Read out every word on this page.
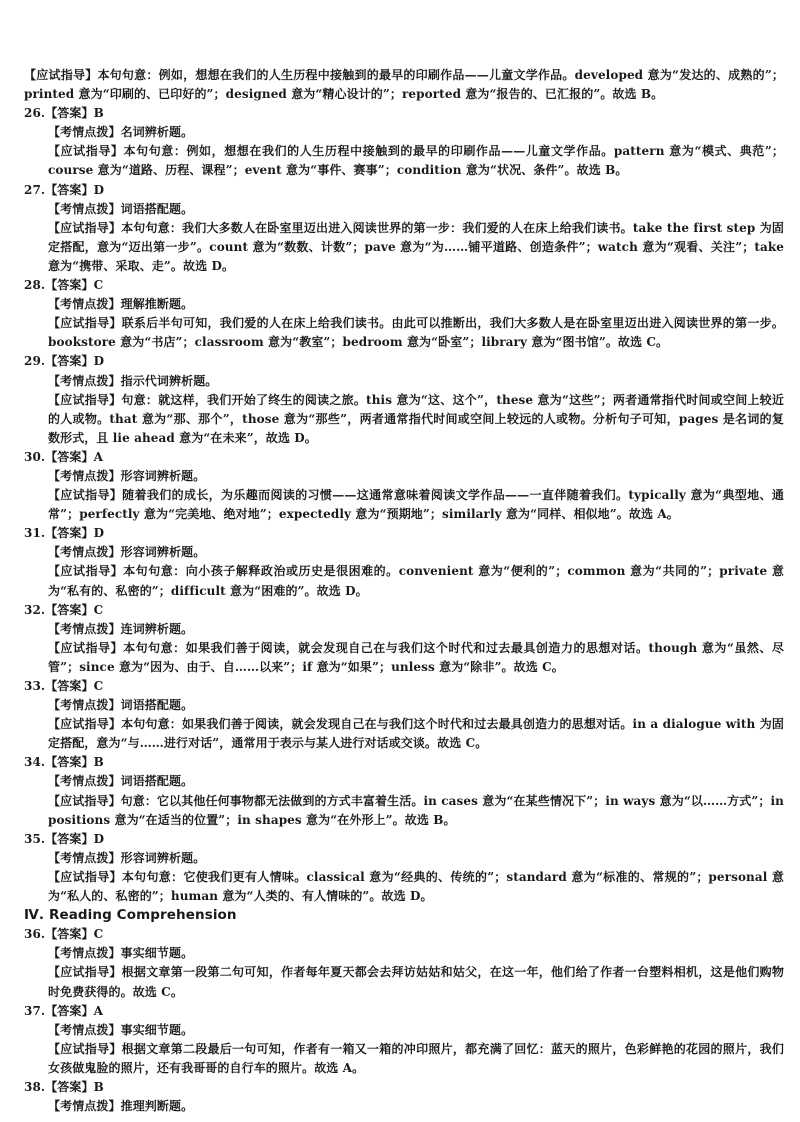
【应试指导】本句句意：例如，想想在我们的人生历程中接触到的最早的印刷作品——儿童文学作品。developed 意为“发达的、成熟的”；printed 意为“印刷的、已印好的”；designed 意为“精心设计的”；reported 意为“报告的、已汇报的”。故选 B。

26. 【答案】B

【考情点拨】名词辨析题。

【应试指导】本句句意：例如，想想在我们的人生历程中接触到的最早的印刷作品——儿童文学作品。pattern 意为“模式、典范”；course 意为“道路、历程、课程”；event 意为“事件、赛事”；condition 意为“状况、条件”。故选 B。

27. 【答案】D

【考情点拨】词语搭配题。

【应试指导】本句句意：我们大多数人在卧室里迈出进入阅读世界的第一步：我们爱的人在床上给我们读书。take the first step 为固定搭配，意为“迈出第一步”。count 意为“数数、计数”；pave 意为“为……铺平道路、创造条件”；watch 意为“观看、关注”；take 意为“携带、采取、走”。故选 D。

28. 【答案】C

【考情点拨】理解推断题。

【应试指导】联系后半句可知，我们爱的人在床上给我们读书。由此可以推断出，我们大多数人是在卧室里迈出进入阅读世界的第一步。bookstore 意为“书店”；classroom 意为“教室”；bedroom 意为“卧室”；library 意为“图书馆”。故选 C。

29. 【答案】D

【考情点拨】指示代词辨析题。

【应试指导】句意：就这样，我们开始了终生的阅读之旅。this 意为“这、这个”，these 意为“这些”；两者通常指代时间或空间上较近的人或物。that 意为“那、那个”，those 意为“那些”，两者通常指代时间或空间上较远的人或物。分析句子可知，pages 是名词的复数形式，且 lie ahead 意为“在未来”，故选 D。

30. 【答案】A

【考情点拨】形容词辨析题。

【应试指导】随着我们的成长，为乐趣而阅读的习惯——这通常意味着阅读文学作品——一直伴随着我们。typically 意为“典型地、通常”；perfectly 意为“完美地、绝对地”；expectedly 意为“预期地”；similarly 意为“同样、相似地”。故选 A。

31. 【答案】D

【考情点拨】形容词辨析题。

【应试指导】本句句意：向小孩子解释政治或历史是很困难的。convenient 意为“便利的”；common 意为“共同的”；private 意为“私有的、私密的”；difficult 意为“困难的”。故选 D。

32. 【答案】C

【考情点拨】连词辨析题。

【应试指导】本句句意：如果我们善于阅读，就会发现自己在与我们这个时代和过去最具创造力的思想对话。though 意为“虽然、尽管”；since 意为“因为、由于、自……以来”；if 意为“如果”；unless 意为“除非”。故选 C。

33. 【答案】C

【考情点拨】词语搭配题。

【应试指导】本句句意：如果我们善于阅读，就会发现自己在与我们这个时代和过去最具创造力的思想对话。in a dialogue with 为固定搭配，意为“与……进行对话”，通常用于表示与某人进行对话或交谈。故选 C。

34. 【答案】B

【考情点拨】词语搭配题。

【应试指导】句意：它以其他任何事物都无法做到的方式丰富着生活。in cases 意为“在某些情况下”；in ways 意为“以……方式”；in positions 意为“在适当的位置”；in shapes 意为“在外形上”。故选 B。

35. 【答案】D

【考情点拨】形容词辨析题。

【应试指导】本句句意：它使我们更有人情味。classical 意为“经典的、传统的”；standard 意为“标准的、常规的”；personal 意为“私人的、私密的”；human 意为“人类的、有人情味的”。故选 D。

Ⅳ. Reading Comprehension
36. 【答案】C

【考情点拨】事实细节题。

【应试指导】根据文章第一段第二句可知，作者每年夏天都会去拜访姑姑和姑父，在这一年，他们给了作者一台塑料相机，这是他们购物时免费获得的。故选 C。

37. 【答案】A

【考情点拨】事实细节题。

【应试指导】根据文章第二段最后一句可知，作者有一箱又一箱的冲印照片，都充满了回忆：蓝天的照片，色彩鲜艳的花园的照片，我们女孩做鬼脸的照片，还有我哥哥的自行车的照片。故选 A。

38. 【答案】B

【考情点拨】推理判断题。
